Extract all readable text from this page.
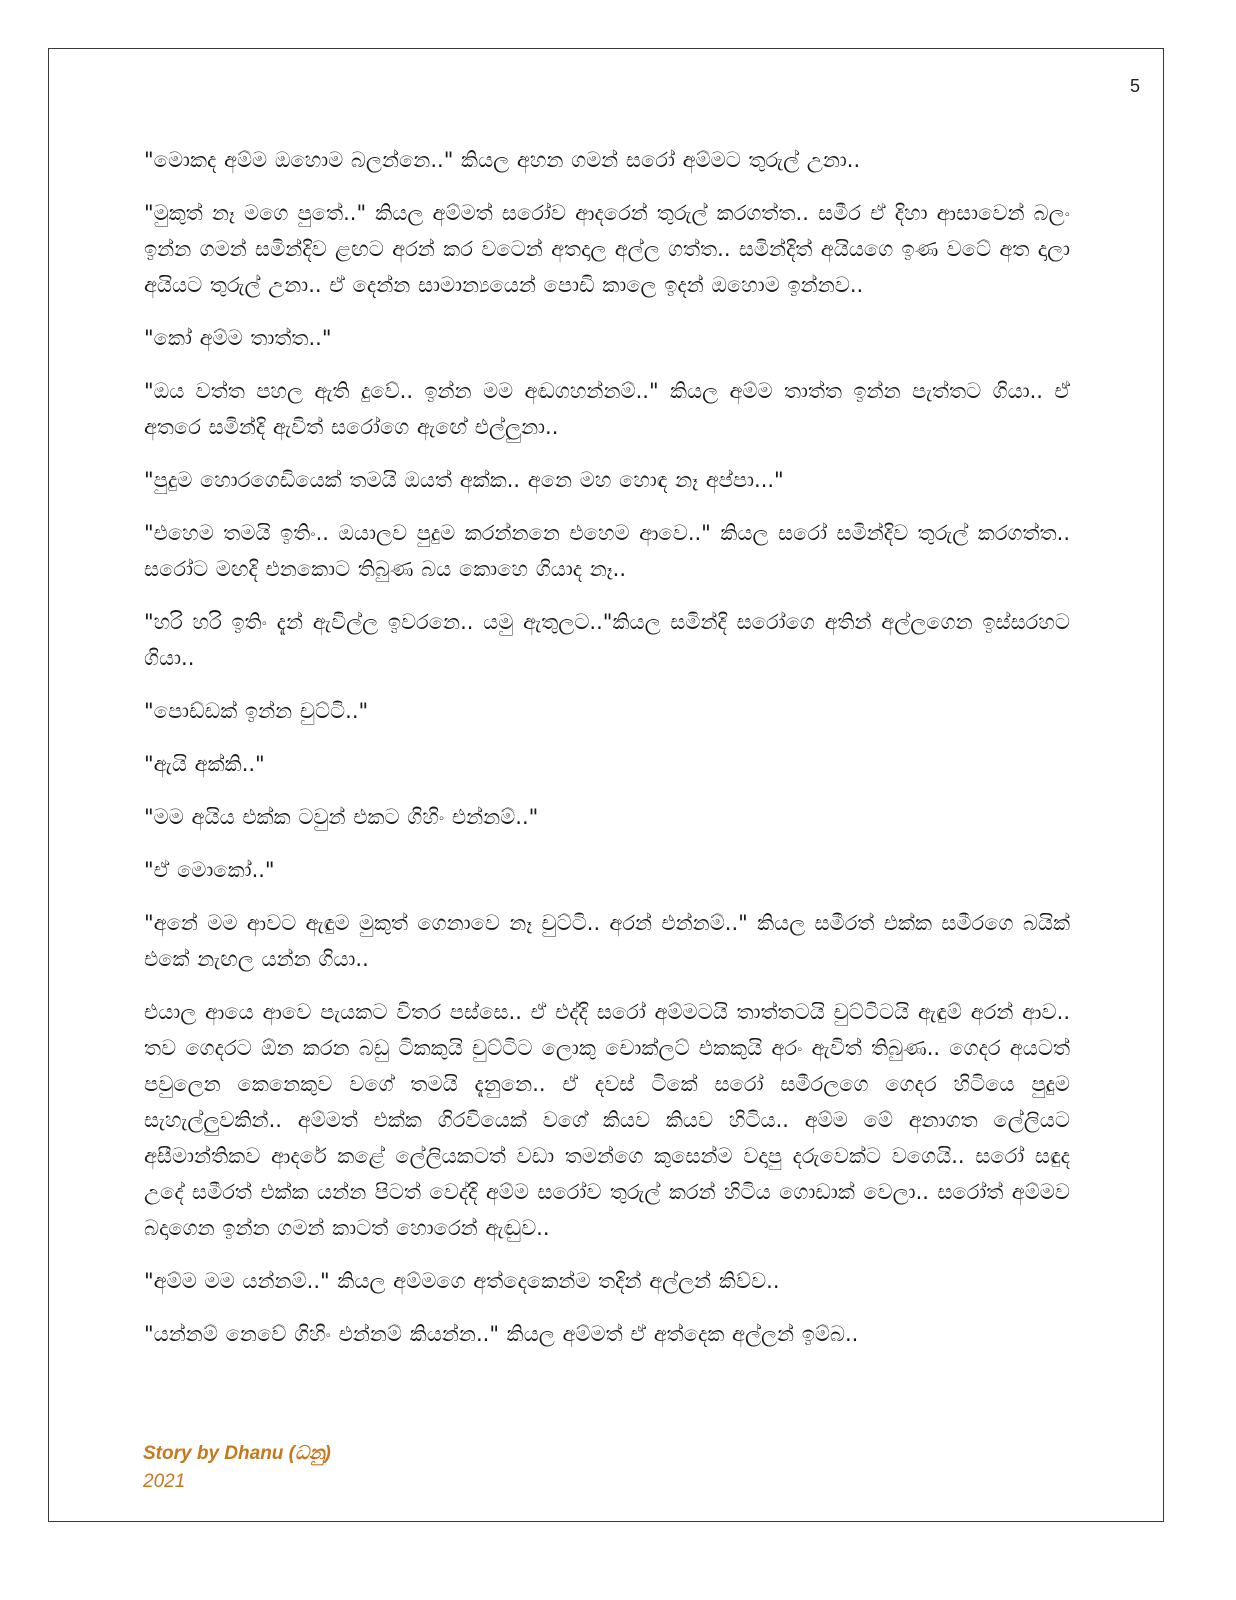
5

"මොකද අම්ම ඔහොම බලන්නෙ.." කියල අහන ගමන් සරෝ අම්මට තුරුල් උනා..

"මුකුත් නෑ මගෙ පුතේ.." කියල අම්මත් සරෝව ආදරෙන් තුරුල් කරගත්ත.. සමීර ඒ දිහා ආසාවෙන් බලං ඉන්න ගමන් සමින්දිව ළඟට අරන් කර වටෙන් අතදාල අල්ල ගත්ත.. සමින්දිත් අයියගෙ ඉණ වටේ අත දාලා අයියට තුරුල් උනා.. ඒ දෙන්න සාමාන්‍යයෙන් පොඩි කාලෙ ඉදන් ඔහොම ඉන්නව..

"කෝ අම්ම තාත්ත.."

"ඔය වත්ත පහල ඇති දුවේ.. ඉන්න මම අඬගහන්නම්.." කියල අම්ම තාත්ත ඉන්න පැත්තට ගියා.. ඒ අතරෙ සමින්දි ඇවිත් සරෝගෙ ඇඟේ එල්ලුනා..

"පුදුම හොරගෙඩියෙක් තමයි ඔයත් අක්ක.. අනෙ මහ හොඳ නෑ අප්පා..."

"එහෙම තමයි ඉතිං.. ඔයාලව පුදුම කරන්නනෙ එහෙම ආවෙ.." කියල සරෝ සමින්දිව තුරුල් කරගත්ත.. සරෝට මඟදි එනකොට තිබුණ බය කොහෙ ගියාද නෑ..

"හරි හරි ඉතිං දැන් ඇවිල්ල ඉවරනෙ.. යමු ඇතුලට.."කියල සමින්දි සරෝගෙ අතින් අල්ලගෙන ඉස්සරහට ගියා..

"පොඩ්ඩක් ඉන්න චුට්ටි.."

"ඇයි අක්කි.."

"මම අයිය එක්ක ටවුන් එකට ගිහිං එන්නම්.."

"ඒ මොකෝ.."

"අනේ මම ආවට ඇඳුම මුකුත් ගෙනාවෙ නෑ චුට්ටි.. අරන් එන්නම්.." කියල සමීරත් එක්ක සමීරගෙ බයික් එකේ නැඟල යන්න ගියා..

එයාල ආයෙ ආවෙ පැයකට විතර පස්සෙ.. ඒ එද්දි සරෝ අම්මටයි තාත්තටයි චුට්ටිටයි ඇඳුම් අරන් ආව.. තව ගෙදරට ඕන කරන බඩු ටිකකුයි චුට්ටිට ලොකු චොක්ලට් එකකුයි අරං ඇවිත් තිබුණ.. ගෙදර අයටත් පවුලෙන කෙනෙකුව වගේ තමයි දැනුනෙ.. ඒ දවස් ටිකේ සරෝ සමීරලගෙ ගෙදර හිටියෙ පුදුම සැහැල්ලුවකින්.. අම්මත් එක්ක ගිරවියෙක් වගේ කියව කියව හිටිය.. අම්ම මේ අනාගත ලේලියට අසීමාන්තිකව ආදරේ කළේ ලේලියකටත් වඩා තමන්ගෙ කුසෙන්ම වදාපු දරුවෙක්ට වගෙයි.. සරෝ සඳුද උදේ සමීරත් එක්ක යන්න පිටත් වෙද්දි අම්ම සරෝව තුරුල් කරන් හිටිය ගොඩාක් වෙලා.. සරෝත් අම්මව බදාගෙන ඉන්න ගමන් කාටත් හොරෙන් ඇඬුව..

"අම්ම මම යන්නම්.." කියල අම්මගෙ අත්දෙකෙන්ම තදින් අල්ලන් කිව්ව..

"යන්නම් නෙවේ ගිහිං එන්නම් කියන්න.." කියල අම්මත් ඒ අත්දෙක අල්ලන් ඉම්බ..

Story by Dhanu (ධනු)
2021
